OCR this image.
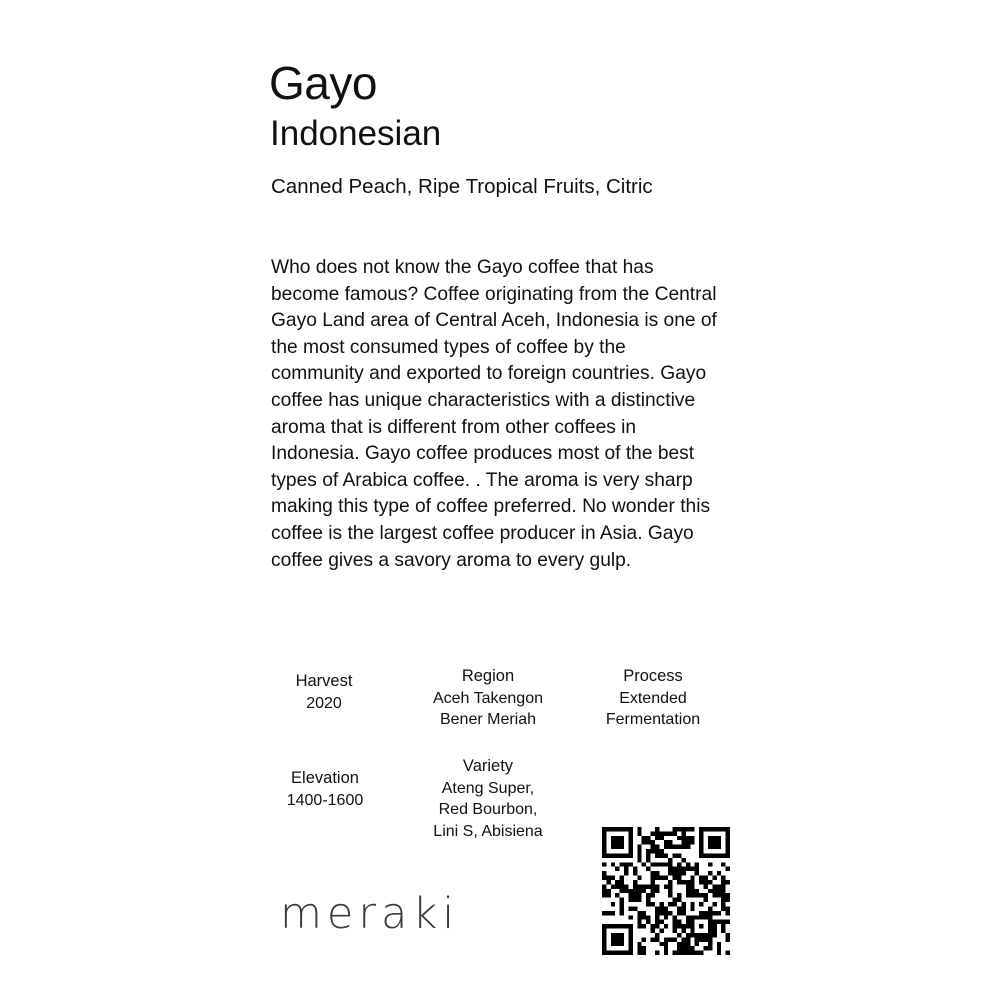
Gayo
Indonesian

Canned Peach, Ripe Tropical Fruits, Citric

Who does not know the Gayo coffee that has become famous? Coffee originating from the Central Gayo Land area of Central Aceh, Indonesia is one of the most consumed types of coffee by the community and exported to foreign countries. Gayo coffee has unique characteristics with a distinctive aroma that is different from other coffees in Indonesia. Gayo coffee produces most of the best types of Arabica coffee. . The aroma is very sharp making this type of coffee preferred. No wonder this coffee is the largest coffee producer in Asia. Gayo coffee gives a savory aroma to every gulp.

Harvest
2020
Region
Aceh Takengon
Bener Meriah
Process
Extended
Fermentation
Elevation
1400-1600
Variety
Ateng Super,
Red Bourbon,
Lini S, Abisiena
meraki
